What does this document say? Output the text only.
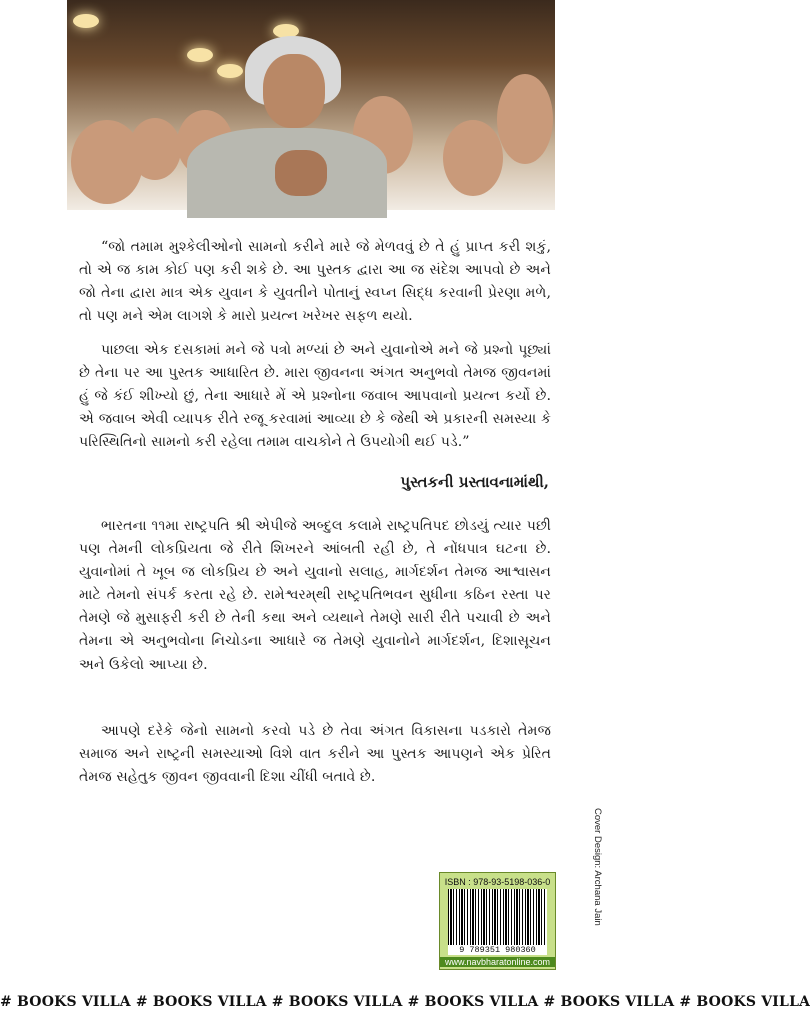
“જો તમામ મુશ્કેલીઓનો સામનો કરીને મારે જે મેળવવું છે તે હું પ્રાપ્ત કરી શકું, તો એ જ કામ કોઈ પણ કરી શકે છે. આ પુસ્તક દ્વારા આ જ સંદેશ આપવો છે અને જો તેના દ્વારા માત્ર એક યુવાન કે યુવતીને પોતાનું સ્વપ્ન સિદ્ધ કરવાની પ્રેરણા મળે, તો પણ મને એમ લાગશે કે મારો પ્રયત્ન ખરેખર સફળ થયો.

પાછલા એક દસકામાં મને જે પત્રો મળ્યાં છે અને યુવાનોએ મને જે પ્રશ્નો પૂછ્યાં છે તેના પર આ પુસ્તક આધારિત છે. મારા જીવનના અંગત અનુભવો તેમજ જીવનમાં હું જે કંઈ શીખ્યો છું, તેના આધારે મેં એ પ્રશ્નોના જવાબ આપવાનો પ્રયત્ન કર્યો છે. એ જવાબ એવી વ્યાપક રીતે રજૂ કરવામાં આવ્યા છે કે જેથી એ પ્રકારની સમસ્યા કે પરિસ્થિતિનો સામનો કરી રહેલા તમામ વાચકોને તે ઉપયોગી થઈ પડે.”

પુસ્તકની પ્રસ્તાવનામાંથી,

ભારતના ૧૧મા રાષ્ટ્રપતિ શ્રી એપીજે અબ્દુલ કલામે રાષ્ટ્રપતિપદ છોડયું ત્યાર પછી પણ તેમની લોકપ્રિયતા જે રીતે શિખરને આંબતી રહી છે, તે નોંધપાત્ર ઘટના છે. યુવાનોમાં તે ખૂબ જ લોકપ્રિય છે અને યુવાનો સલાહ, માર્ગદર્શન તેમજ આશ્વાસન માટે તેમનો સંપર્ક કરતા રહે છે. રામેશ્વરમ્‌થી રાષ્ટ્રપતિભવન સુધીના કઠિન રસ્તા પર તેમણે જે મુસાફરી કરી છે તેની કથા અને વ્યથાને તેમણે સારી રીતે પચાવી છે અને તેમના એ અનુભવોના નિચોડના આધારે જ તેમણે યુવાનોને માર્ગદર્શન, દિશાસૂચન અને ઉકેલો આપ્યા છે.

આપણે દરેકે જેનો સામનો કરવો પડે છે તેવા અંગત વિકાસના પડકારો તેમજ સમાજ અને રાષ્ટ્રની સમસ્યાઓ વિશે વાત કરીને આ પુસ્તક આપણને એક પ્રેરિત તેમજ સહેતુક જીવન જીવવાની દિશા ચીંધી બતાવે છે.

Cover Design: Archana Jain
ISBN : 978-93-5198-036-0
9 789351 980360
www.navbharatonline.com
# BOOKS VILLA # BOOKS VILLA # BOOKS VILLA # BOOKS VILLA # BOOKS VILLA # BOOKS VILLA
